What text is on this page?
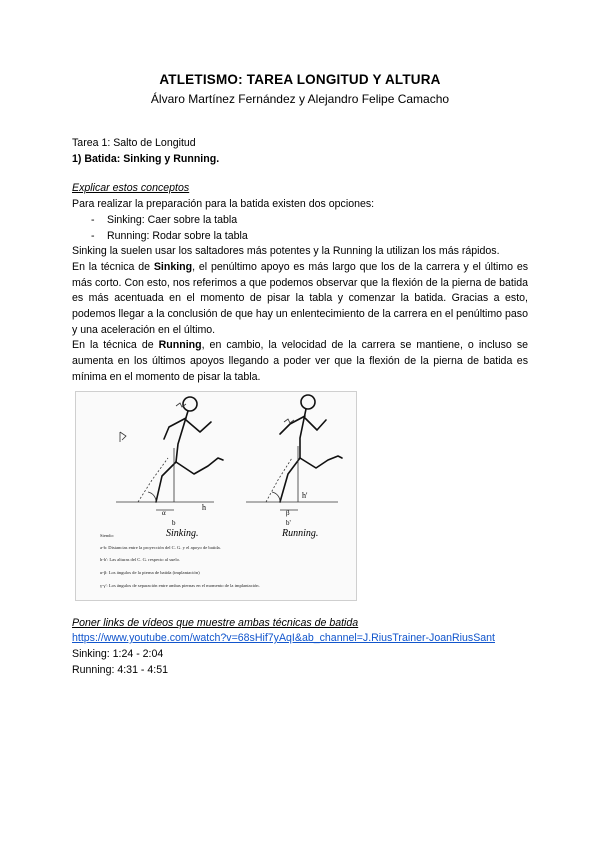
ATLETISMO: TAREA LONGITUD Y ALTURA
Álvaro Martínez Fernández y Alejandro Felipe Camacho

Tarea 1: Salto de Longitud

1) Batida: Sinking y Running.

Explicar estos conceptos

Para realizar la preparación para la batida existen dos opciones:

- Sinking: Caer sobre la tabla
- Running: Rodar sobre la tabla

Sinking la suelen usar los saltadores más potentes y la Running la utilizan los más rápidos.

En la técnica de Sinking, el penúltimo apoyo es más largo que los de la carrera y el último es más corto. Con esto, nos referimos a que podemos observar que la flexión de la pierna de batida es más acentuada en el momento de pisar la tabla y comenzar la batida. Gracias a esto, podemos llegar a la conclusión de que hay un enlentecimiento de la carrera en el penúltimo paso y una aceleración en el último.

En la técnica de Running, en cambio, la velocidad de la carrera se mantiene, o incluso se aumenta en los últimos apoyos llegando a poder ver que la flexión de la pierna de batida es mínima en el momento de pisar la tabla.

h
h'
α	β
b	b'
Sinking.	Running.
Siendo:
a-b: Distancias entre la proyección del C. G. y el apoyo de batida.
h-h': Las alturas del C. G. respecto al suelo.
α-β: Los ángulos de la pierna de batida (implantación)
γ-γ': Los ángulos de separación entre ambas piernas en el momento de la implantación.

Poner links de vídeos que muestre ambas técnicas de batida

https://www.youtube.com/watch?v=68sHif7yAqI&ab_channel=J.RiusTrainer-JoanRiusSant

Sinking: 1:24 - 2:04

Running: 4:31 - 4:51
